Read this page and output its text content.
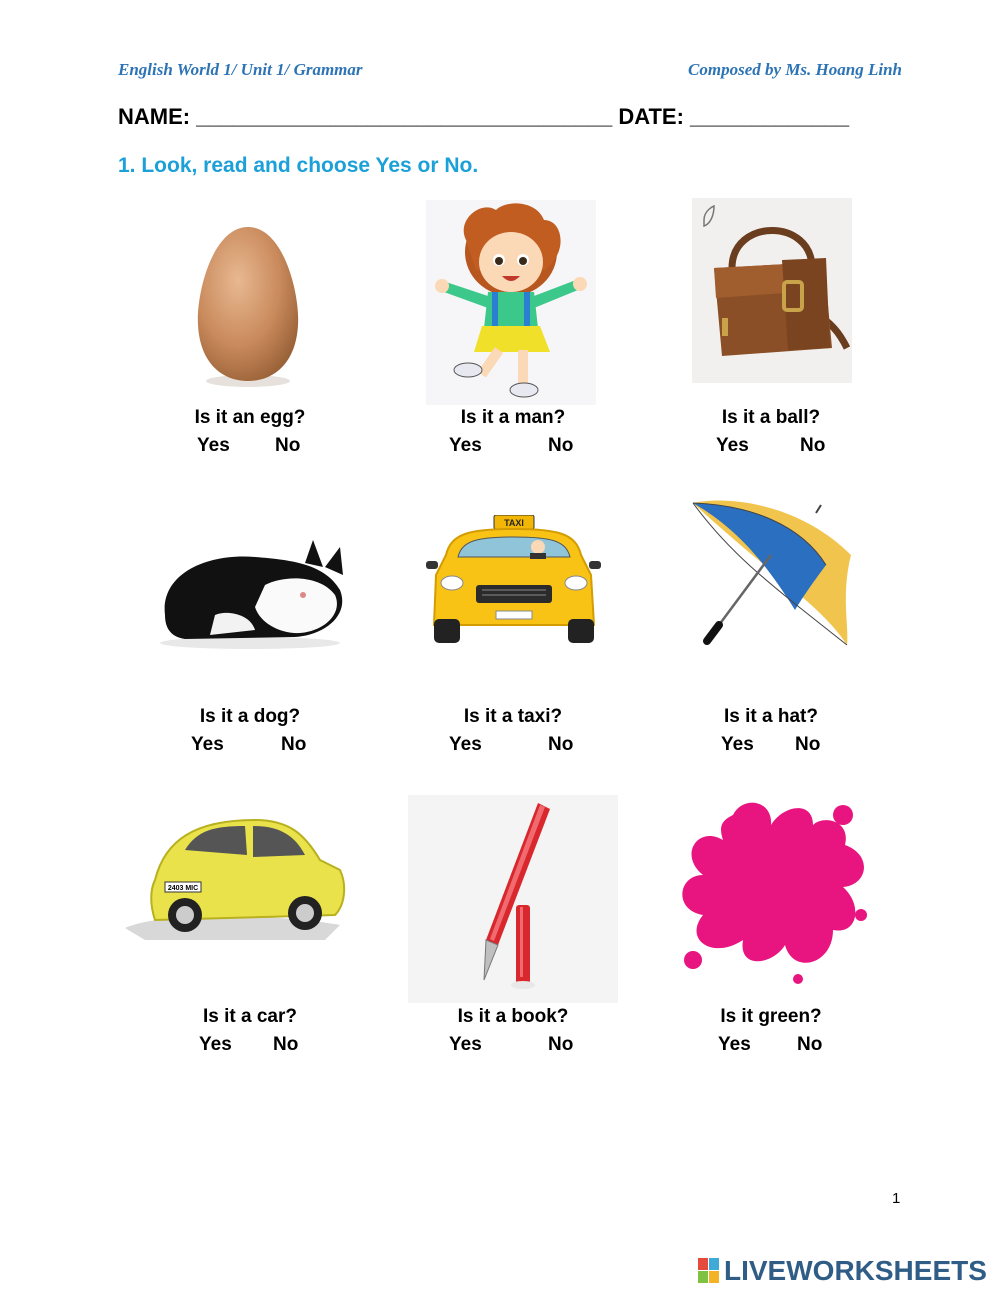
English World 1/ Unit 1/ Grammar	Composed by Ms. Hoang Linh
NAME: __________________________________ DATE: _____________
1. Look, read and choose Yes or No.
Is it an egg?
Yes No
Is it a man?
Yes	No
Is it a ball?
Yes	No
Is it a dog?
Yes	No
TAXI
Is it a taxi?
Yes	No
Is it a hat?
Yes No
2403 MIC
Is it a car?
Yes No
Is it a book?
Yes	No
Is it green?
Yes No
1
LIVEWORKSHEETS
